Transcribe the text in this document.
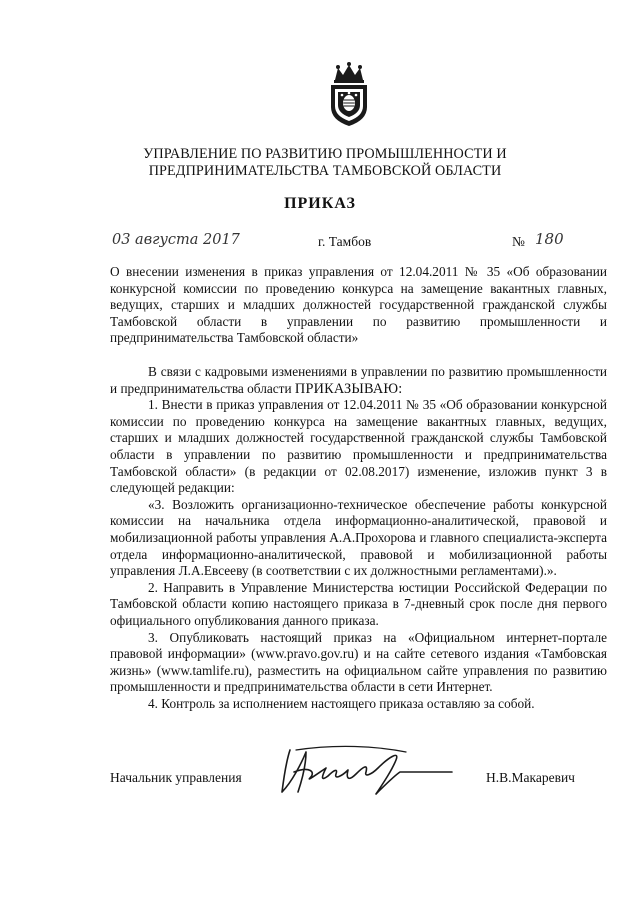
УПРАВЛЕНИЕ ПО РАЗВИТИЮ ПРОМЫШЛЕННОСТИ И
ПРЕДПРИНИМАТЕЛЬСТВА ТАМБОВСКОЙ ОБЛАСТИ
ПРИКАЗ
03 августа 2017	г. Тамбов	№ 180

О внесении изменения в приказ управления от 12.04.2011 № 35 «Об образовании конкурсной комиссии по проведению конкурса на замещение вакантных главных, ведущих, старших и младших должностей государственной гражданской службы Тамбовской области в управлении по развитию промышленности и предпринимательства Тамбовской области»

В связи с кадровыми изменениями в управлении по развитию промышленности и предпринимательства области ПРИКАЗЫВАЮ:

1. Внести в приказ управления от 12.04.2011 № 35 «Об образовании конкурсной комиссии по проведению конкурса на замещение вакантных главных, ведущих, старших и младших должностей государственной гражданской службы Тамбовской области в управлении по развитию промышленности и предпринимательства Тамбовской области» (в редакции от 02.08.2017) изменение, изложив пункт 3 в следующей редакции:

«3. Возложить организационно-техническое обеспечение работы конкурсной комиссии на начальника отдела информационно-аналитической, правовой и мобилизационной работы управления А.А.Прохорова и главного специалиста-эксперта отдела информационно-аналитической, правовой и мобилизационной работы управления Л.А.Евсееву (в соответствии с их должностными регламентами).».

2. Направить в Управление Министерства юстиции Российской Федерации по Тамбовской области копию настоящего приказа в 7-дневный срок после дня первого официального опубликования данного приказа.

3. Опубликовать настоящий приказ на «Официальном интернет-портале правовой информации» (www.pravo.gov.ru) и на сайте сетевого издания «Тамбовская жизнь» (www.tamlife.ru), разместить на официальном сайте управления по развитию промышленности и предпринимательства области в сети Интернет.

4. Контроль за исполнением настоящего приказа оставляю за собой.

Начальник управления	Н.В.Макаревич
